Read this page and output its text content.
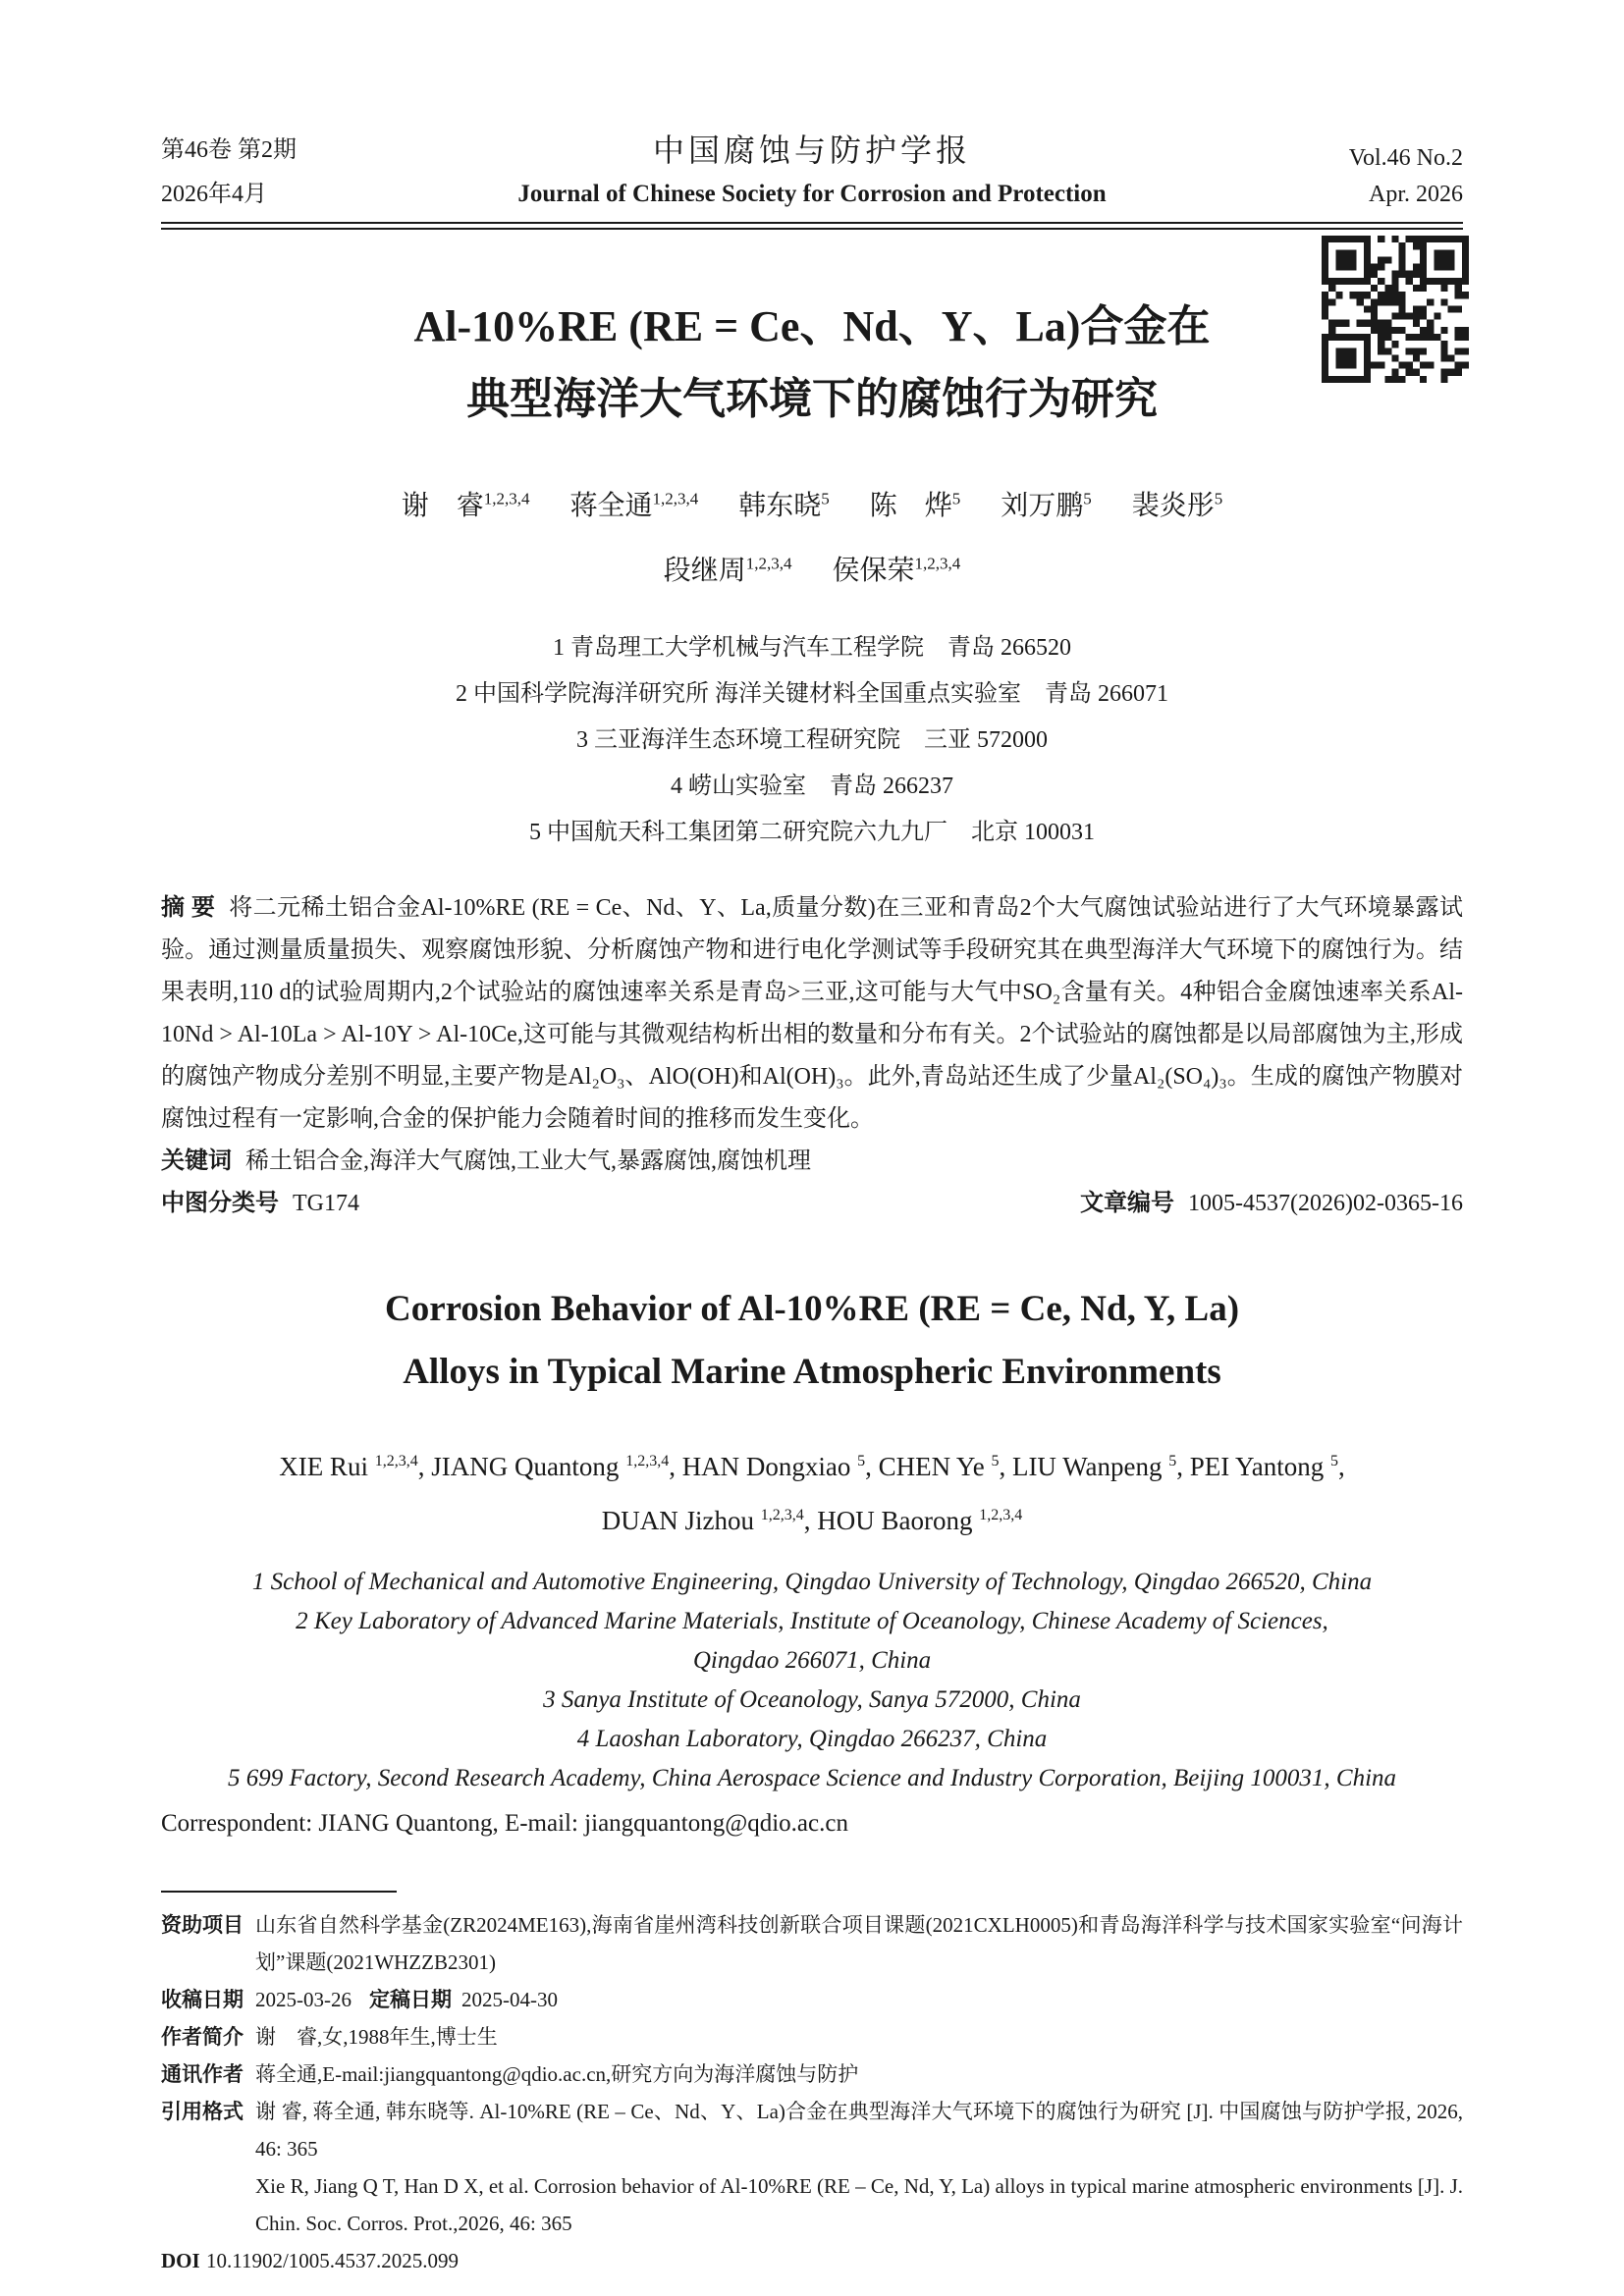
第46卷 第2期
2026年4月
中国腐蚀与防护学报
Journal of Chinese Society for Corrosion and Protection
Vol.46 No.2
Apr. 2026
Al-10%RE (RE = Ce、Nd、Y、La)合金在
典型海洋大气环境下的腐蚀行为研究
谢　睿$^{1,2,3,4}$ 蒋全通$^{1,2,3,4}$ 韩东晓$^5$ 陈　烨$^5$ 刘万鹏$^5$ 裴炎彤$^5$
段继周$^{1,2,3,4}$ 侯保荣$^{1,2,3,4}$
1 青岛理工大学机械与汽车工程学院　青岛 266520
2 中国科学院海洋研究所 海洋关键材料全国重点实验室　青岛 266071
3 三亚海洋生态环境工程研究院　三亚 572000
4 崂山实验室　青岛 266237
5 中国航天科工集团第二研究院六九九厂　北京 100031
摘 要 将二元稀土铝合金Al-10%RE (RE = Ce、Nd、Y、La,质量分数)在三亚和青岛2个大气腐蚀试验站进行了大气环境暴露试验。通过测量质量损失、观察腐蚀形貌、分析腐蚀产物和进行电化学测试等手段研究其在典型海洋大气环境下的腐蚀行为。结果表明,110 d的试验周期内,2个试验站的腐蚀速率关系是青岛>三亚,这可能与大气中SO₂含量有关。4种铝合金腐蚀速率关系Al-10Nd > Al-10La > Al-10Y > Al-10Ce,这可能与其微观结构析出相的数量和分布有关。2个试验站的腐蚀都是以局部腐蚀为主,形成的腐蚀产物成分差别不明显,主要产物是Al₂O₃、AlO(OH)和Al(OH)₃。此外,青岛站还生成了少量Al₂(SO₄)₃。生成的腐蚀产物膜对腐蚀过程有一定影响,合金的保护能力会随着时间的推移而发生变化。
关键词 稀土铝合金,海洋大气腐蚀,工业大气,暴露腐蚀,腐蚀机理
中图分类号 TG174	文章编号 1005-4537(2026)02-0365-16
Corrosion Behavior of Al-10%RE (RE = Ce, Nd, Y, La)
Alloys in Typical Marine Atmospheric Environments
XIE Rui $^{1,2,3,4}$, JIANG Quantong $^{1,2,3,4}$, HAN Dongxiao $^5$, CHEN Ye $^5$, LIU Wanpeng $^5$, PEI Yantong $^5$,
DUAN Jizhou $^{1,2,3,4}$, HOU Baorong $^{1,2,3,4}$
1 School of Mechanical and Automotive Engineering, Qingdao University of Technology, Qingdao 266520, China
2 Key Laboratory of Advanced Marine Materials, Institute of Oceanology, Chinese Academy of Sciences,
Qingdao 266071, China
3 Sanya Institute of Oceanology, Sanya 572000, China
4 Laoshan Laboratory, Qingdao 266237, China
5 699 Factory, Second Research Academy, China Aerospace Science and Industry Corporation, Beijing 100031, China
Correspondent: JIANG Quantong, E-mail: jiangquantong@qdio.ac.cn
资助项目 山东省自然科学基金(ZR2024ME163),海南省崖州湾科技创新联合项目课题(2021CXLH0005)和青岛海洋科学与技术国家实验室“问海计划”课题(2021WHZZB2301)
收稿日期 2025-03-26 定稿日期 2025-04-30
作者简介 谢　睿,女,1988年生,博士生
通讯作者 蒋全通,E-mail:jiangquantong@qdio.ac.cn,研究方向为海洋腐蚀与防护
引用格式 谢 睿, 蒋全通, 韩东晓等. Al-10%RE (RE – Ce、Nd、Y、La)合金在典型海洋大气环境下的腐蚀行为研究 [J]. 中国腐蚀与防护学报, 2026, 46: 365

Xie R, Jiang Q T, Han D X, et al. Corrosion behavior of Al-10%RE (RE – Ce, Nd, Y, La) alloys in typical marine atmospheric environments [J]. J. Chin. Soc. Corros. Prot.,2026, 46: 365

DOI 10.11902/1005.4537.2025.099
